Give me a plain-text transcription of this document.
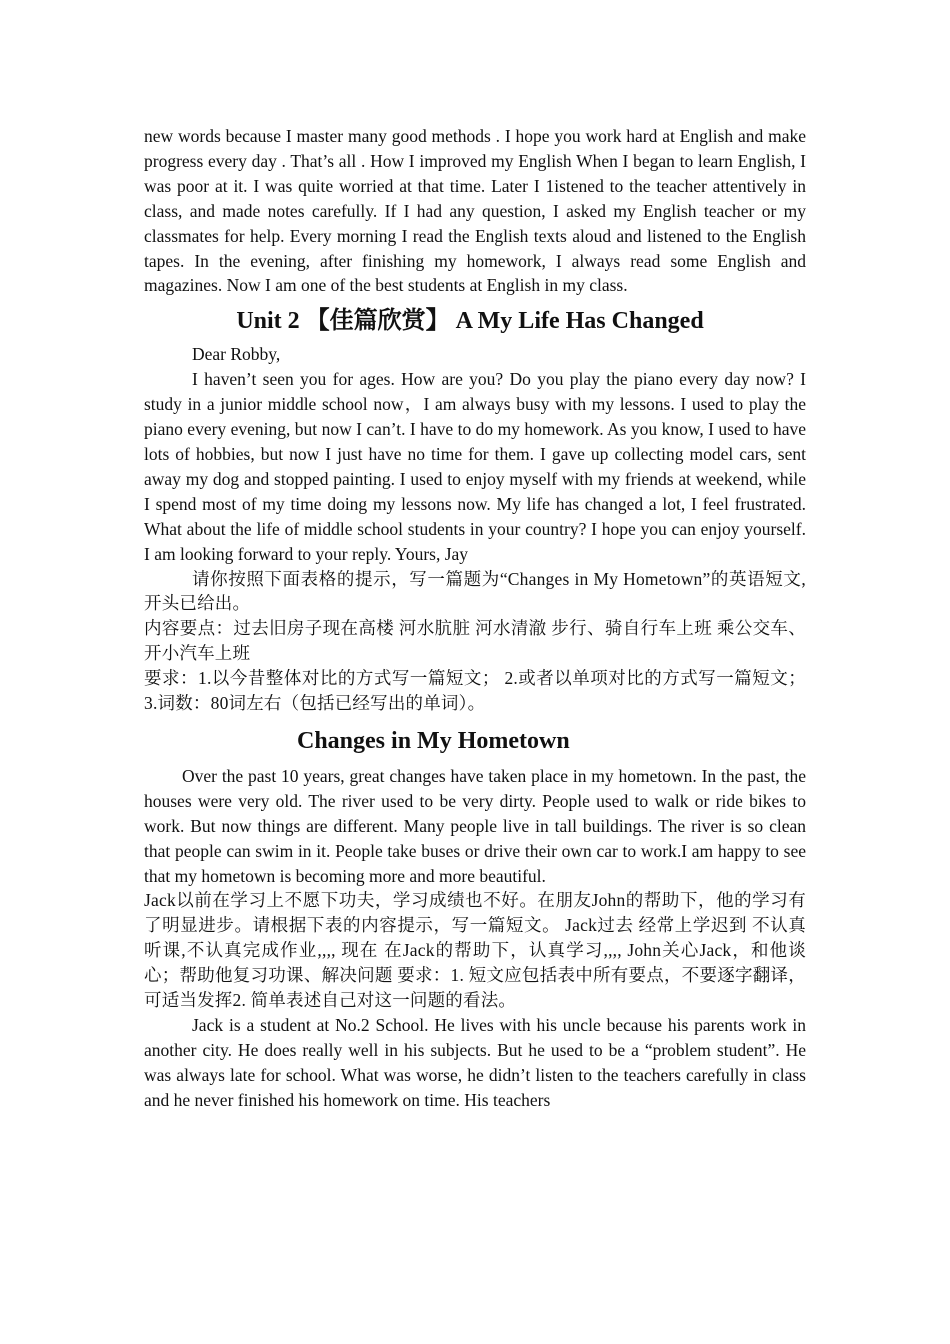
new words because I master many good methods . I hope you work hard at English and make progress every day . That’s all . How I improved my English When I began to learn English, I was poor at it. I was quite worried at that time. Later I 1istened to the teacher attentively in class, and made notes carefully. If I had any question, I asked my English teacher or my classmates for help. Every morning I read the English texts aloud and listened to the English tapes. In the evening, after finishing my homework, I always read some English and magazines. Now I am one of the best students at English in my class.

Unit 2 【佳篇欣赏】 A My Life Has Changed

Dear Robby,

I haven’t seen you for ages. How are you? Do you play the piano every day now? I study in a junior middle school now，I am always busy with my lessons. I used to play the piano every evening, but now I can’t. I have to do my homework. As you know, I used to have lots of hobbies, but now I just have no time for them. I gave up collecting model cars, sent away my dog and stopped painting. I used to enjoy myself with my friends at weekend, while I spend most of my time doing my lessons now. My life has changed a lot, I feel frustrated. What about the life of middle school students in your country? I hope you can enjoy yourself. I am looking forward to your reply. Yours, Jay

请你按照下面表格的提示，写一篇题为“Changes in My Hometown”的英语短文,开头已给出。

内容要点：过去旧房子现在高楼 河水肮脏 河水清澈 步行、骑自行车上班 乘公交车、开小汽车上班

要求：1.以今昔整体对比的方式写一篇短文； 2.或者以单项对比的方式写一篇短文；3.词数：80词左右（包括已经写出的单词）。

Changes in My Hometown

Over the past 10 years, great changes have taken place in my hometown. In the past, the houses were very old. The river used to be very dirty. People used to walk or ride bikes to work. But now things are different. Many people live in tall buildings. The river is so clean that people can swim in it. People take buses or drive their own car to work.I am happy to see that my hometown is becoming more and more beautiful.

Jack以前在学习上不愿下功夫，学习成绩也不好。在朋友John的帮助下，他的学习有了明显进步。请根据下表的内容提示，写一篇短文。 Jack过去 经常上学迟到 不认真听课,不认真完成作业,,,, 现在 在Jack的帮助下，认真学习,,,, John关心Jack，和他谈心；帮助他复习功课、解决问题 要求：1. 短文应包括表中所有要点，不要逐字翻译，可适当发挥2. 简单表述自己对这一问题的看法。

Jack is a student at No.2 School. He lives with his uncle because his parents work in another city. He does really well in his subjects. But he used to be a “problem student”. He was always late for school. What was worse, he didn’t listen to the teachers carefully in class and he never finished his homework on time. His teachers
